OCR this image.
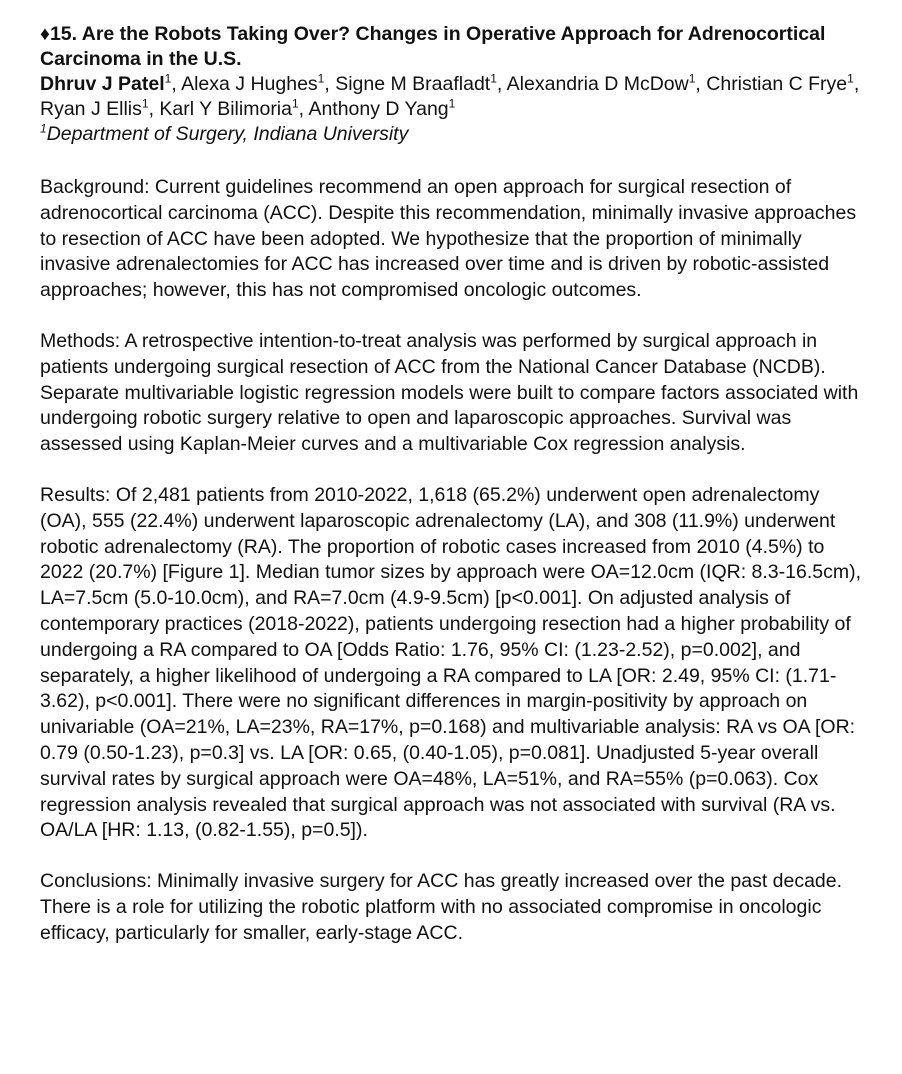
♦15. Are the Robots Taking Over? Changes in Operative Approach for Adrenocortical Carcinoma in the U.S.

Dhruv J Patel$^1$, Alexa J Hughes$^1$, Signe M Braafladt$^1$, Alexandria D McDow$^1$, Christian C Frye$^1$, Ryan J Ellis$^1$, Karl Y Bilimoria$^1$, Anthony D Yang$^1$

$^1$Department of Surgery, Indiana University

Background: Current guidelines recommend an open approach for surgical resection of adrenocortical carcinoma (ACC). Despite this recommendation, minimally invasive approaches to resection of ACC have been adopted. We hypothesize that the proportion of minimally invasive adrenalectomies for ACC has increased over time and is driven by robotic-assisted approaches; however, this has not compromised oncologic outcomes.

Methods: A retrospective intention-to-treat analysis was performed by surgical approach in patients undergoing surgical resection of ACC from the National Cancer Database (NCDB). Separate multivariable logistic regression models were built to compare factors associated with undergoing robotic surgery relative to open and laparoscopic approaches. Survival was assessed using Kaplan-Meier curves and a multivariable Cox regression analysis.

Results: Of 2,481 patients from 2010-2022, 1,618 (65.2%) underwent open adrenalectomy (OA), 555 (22.4%) underwent laparoscopic adrenalectomy (LA), and 308 (11.9%) underwent robotic adrenalectomy (RA). The proportion of robotic cases increased from 2010 (4.5%) to 2022 (20.7%) [Figure 1]. Median tumor sizes by approach were OA=12.0cm (IQR: 8.3-16.5cm), LA=7.5cm (5.0-10.0cm), and RA=7.0cm (4.9-9.5cm) [p<0.001]. On adjusted analysis of contemporary practices (2018-2022), patients undergoing resection had a higher probability of undergoing a RA compared to OA [Odds Ratio: 1.76, 95% CI: (1.23-2.52), p=0.002], and separately, a higher likelihood of undergoing a RA compared to LA [OR: 2.49, 95% CI: (1.71-3.62), p<0.001]. There were no significant differences in margin-positivity by approach on univariable (OA=21%, LA=23%, RA=17%, p=0.168) and multivariable analysis: RA vs OA [OR: 0.79 (0.50-1.23), p=0.3] vs. LA [OR: 0.65, (0.40-1.05), p=0.081]. Unadjusted 5-year overall survival rates by surgical approach were OA=48%, LA=51%, and RA=55% (p=0.063). Cox regression analysis revealed that surgical approach was not associated with survival (RA vs. OA/LA [HR: 1.13, (0.82-1.55), p=0.5]).

Conclusions: Minimally invasive surgery for ACC has greatly increased over the past decade. There is a role for utilizing the robotic platform with no associated compromise in oncologic efficacy, particularly for smaller, early-stage ACC.
